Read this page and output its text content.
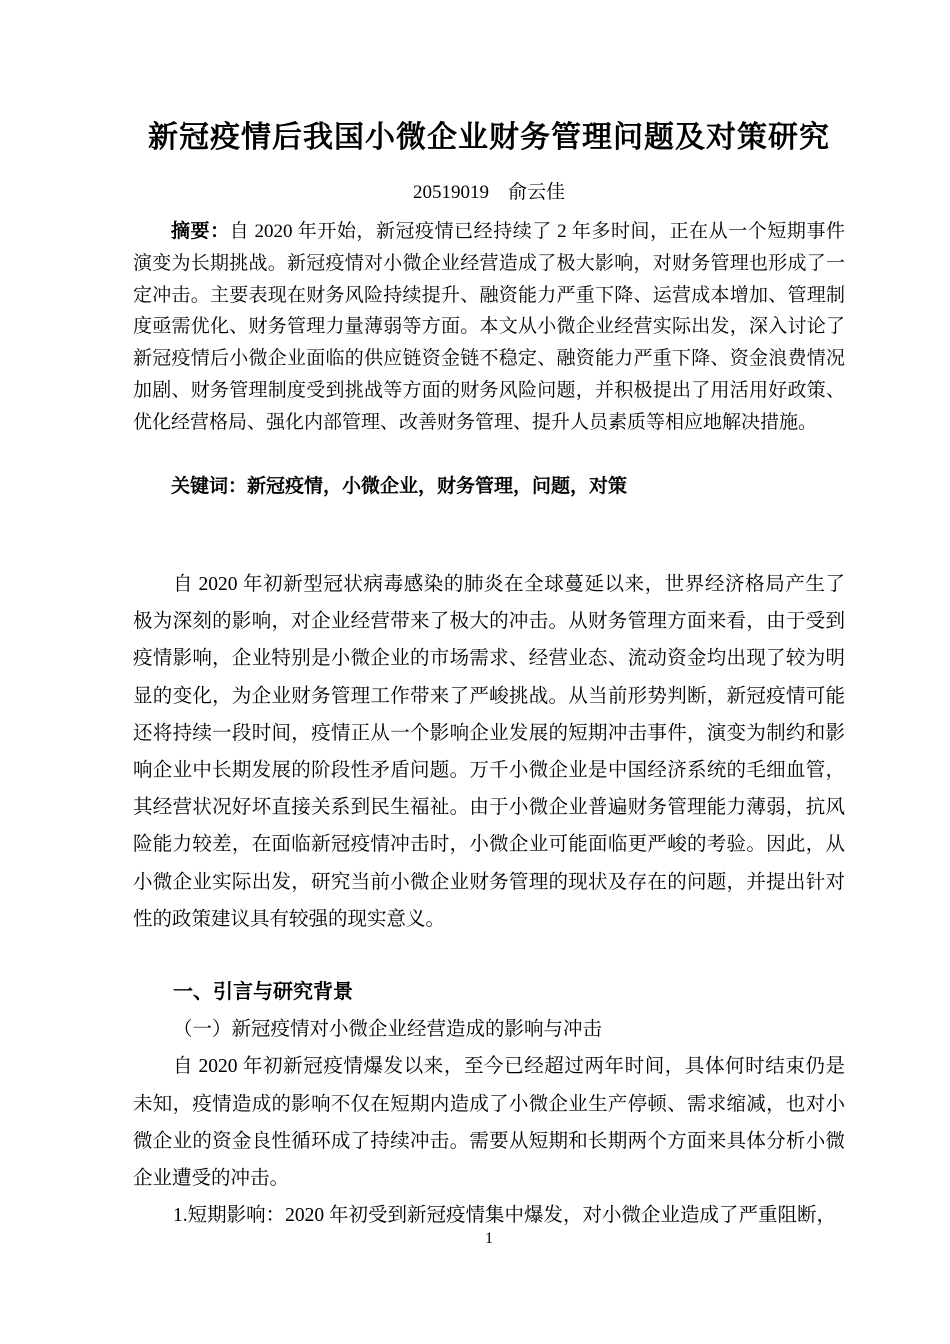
新冠疫情后我国小微企业财务管理问题及对策研究
20519019　俞云佳

摘要：自 2020 年开始，新冠疫情已经持续了 2 年多时间，正在从一个短期事件演变为长期挑战。新冠疫情对小微企业经营造成了极大影响，对财务管理也形成了一定冲击。主要表现在财务风险持续提升、融资能力严重下降、运营成本增加、管理制度亟需优化、财务管理力量薄弱等方面。本文从小微企业经营实际出发，深入讨论了新冠疫情后小微企业面临的供应链资金链不稳定、融资能力严重下降、资金浪费情况加剧、财务管理制度受到挑战等方面的财务风险问题，并积极提出了用活用好政策、优化经营格局、强化内部管理、改善财务管理、提升人员素质等相应地解决措施。

关键词：新冠疫情，小微企业，财务管理，问题，对策

自 2020 年初新型冠状病毒感染的肺炎在全球蔓延以来，世界经济格局产生了极为深刻的影响，对企业经营带来了极大的冲击。从财务管理方面来看，由于受到疫情影响，企业特别是小微企业的市场需求、经营业态、流动资金均出现了较为明显的变化，为企业财务管理工作带来了严峻挑战。从当前形势判断，新冠疫情可能还将持续一段时间，疫情正从一个影响企业发展的短期冲击事件，演变为制约和影响企业中长期发展的阶段性矛盾问题。万千小微企业是中国经济系统的毛细血管，其经营状况好坏直接关系到民生福祉。由于小微企业普遍财务管理能力薄弱，抗风险能力较差，在面临新冠疫情冲击时，小微企业可能面临更严峻的考验。因此，从小微企业实际出发，研究当前小微企业财务管理的现状及存在的问题，并提出针对性的政策建议具有较强的现实意义。

一、引言与研究背景
（一）新冠疫情对小微企业经营造成的影响与冲击

自 2020 年初新冠疫情爆发以来，至今已经超过两年时间，具体何时结束仍是未知，疫情造成的影响不仅在短期内造成了小微企业生产停顿、需求缩减，也对小微企业的资金良性循环成了持续冲击。需要从短期和长期两个方面来具体分析小微企业遭受的冲击。

1.短期影响：2020 年初受到新冠疫情集中爆发，对小微企业造成了严重阻断，

1
